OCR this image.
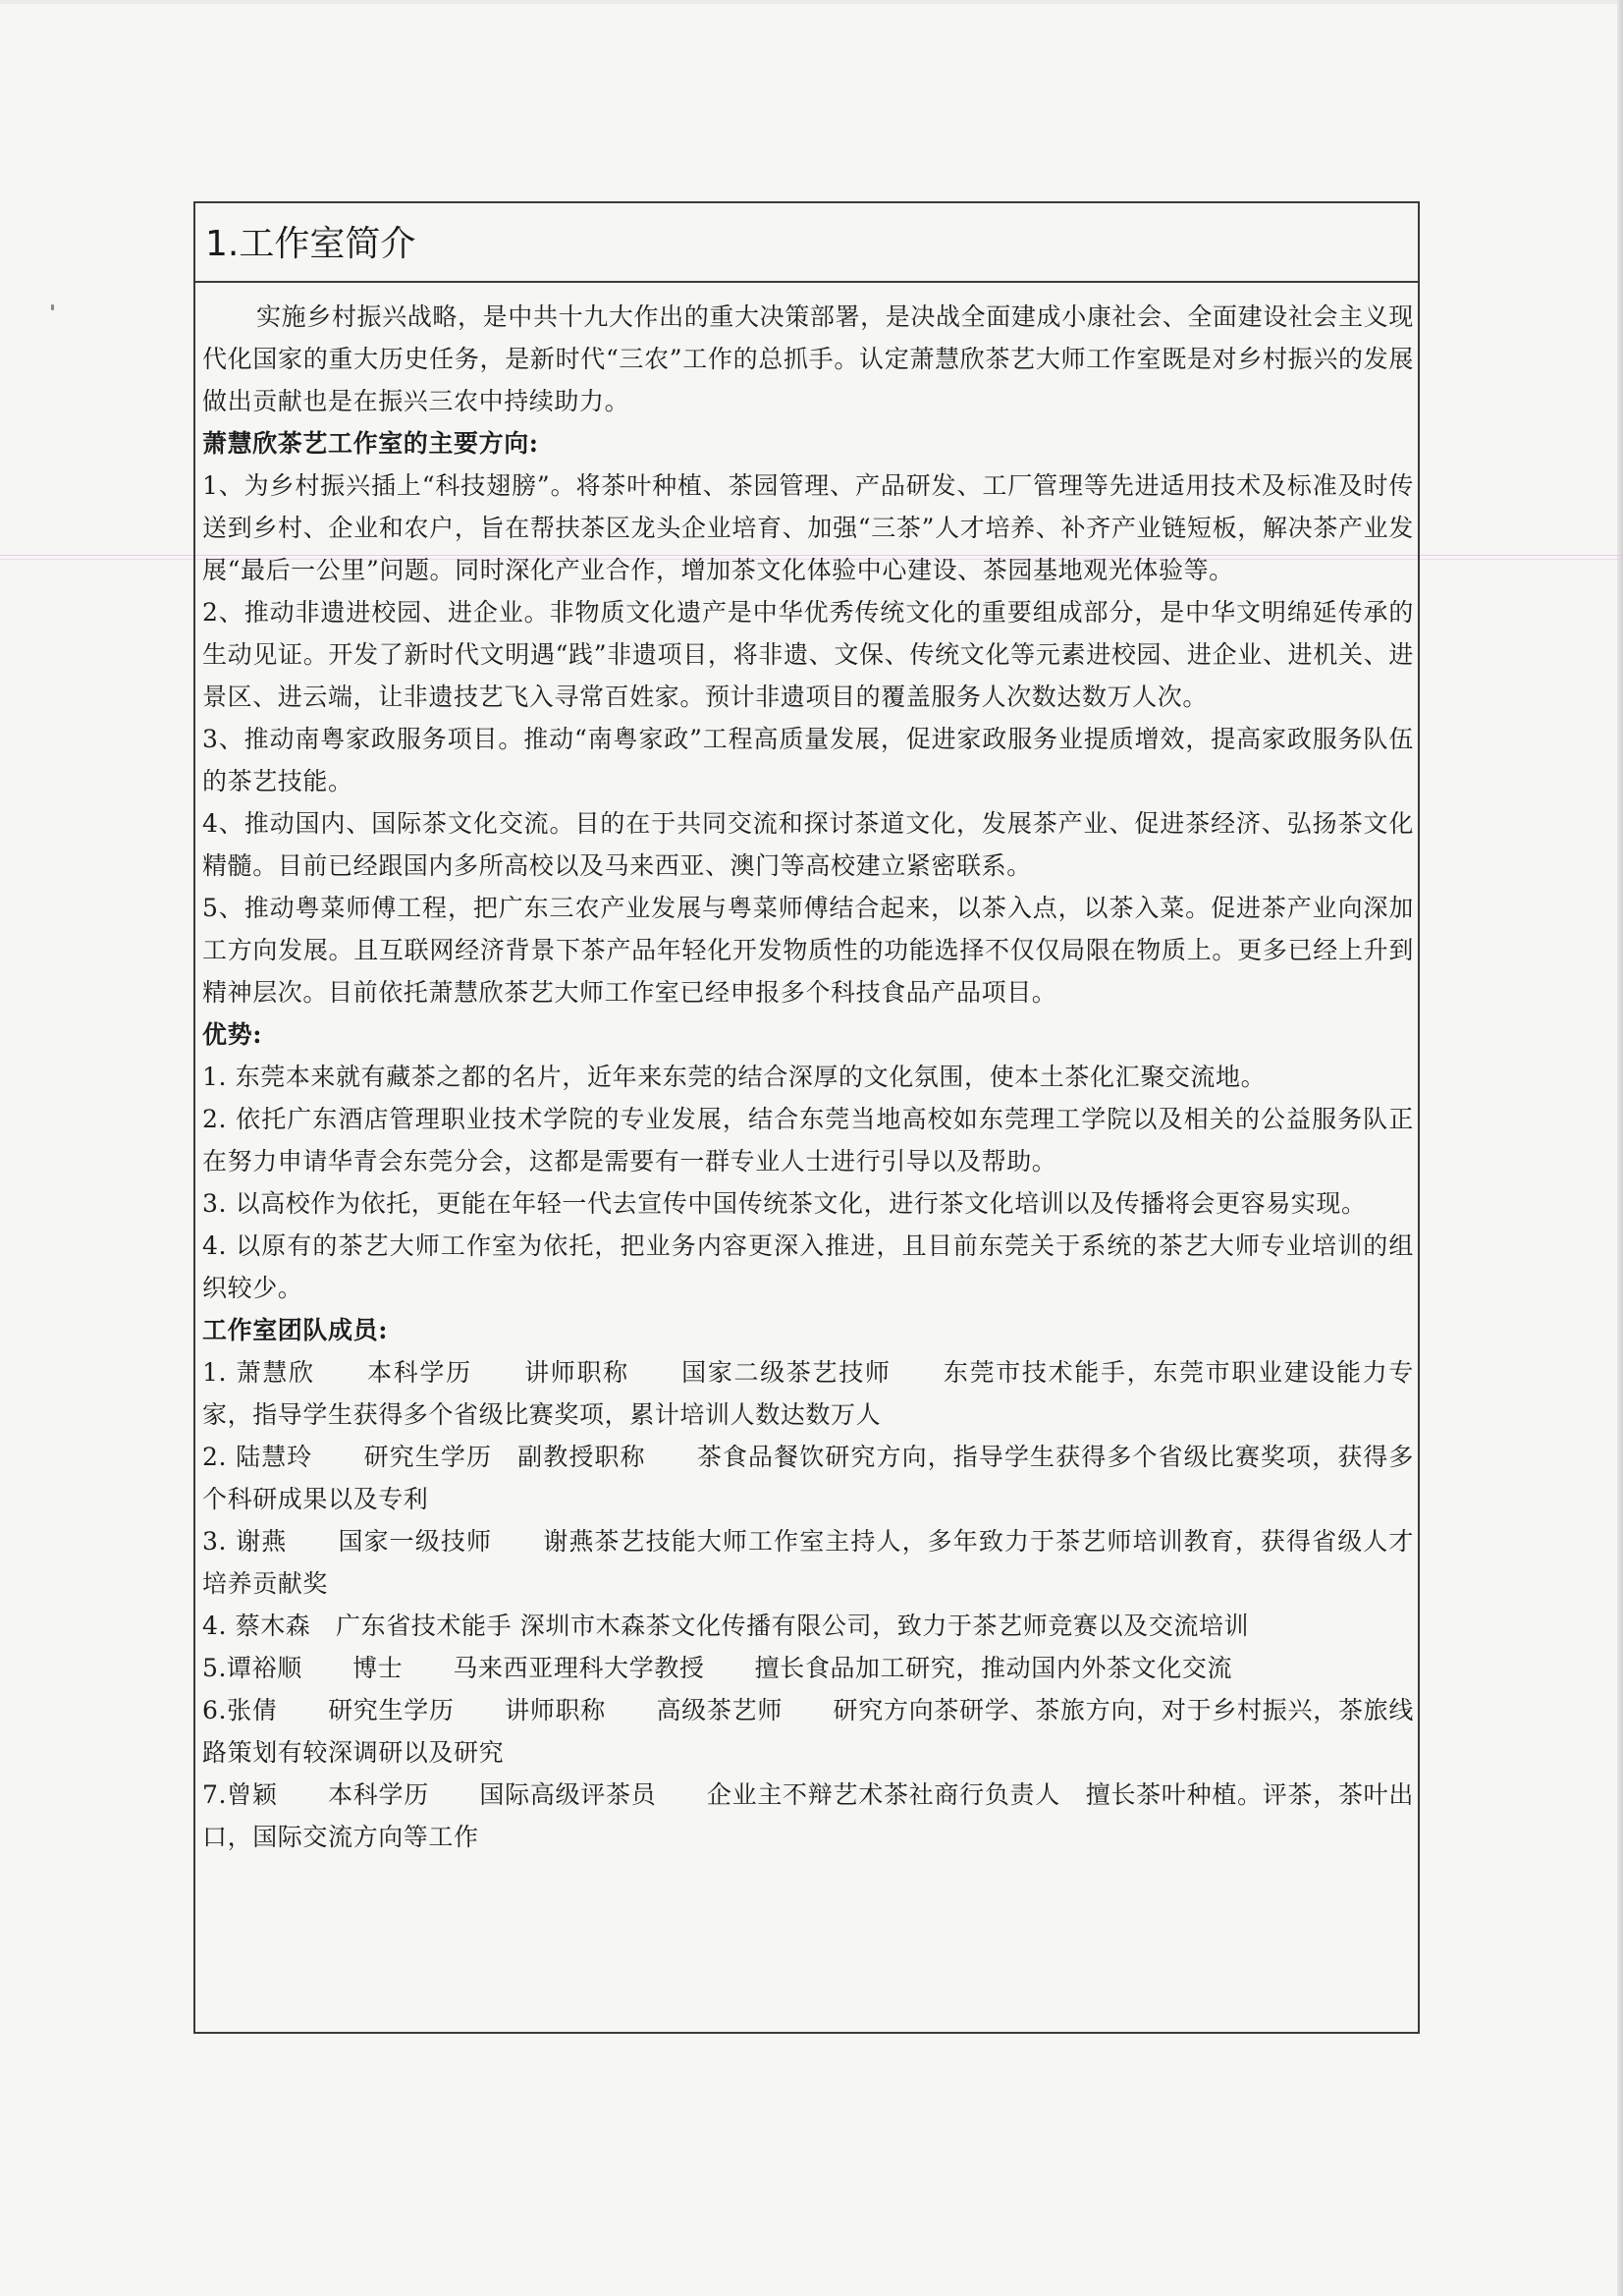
1.工作室简介

实施乡村振兴战略，是中共十九大作出的重大决策部署，是决战全面建成小康社会、全面建设社会主义现代化国家的重大历史任务，是新时代“三农”工作的总抓手。认定萧慧欣茶艺大师工作室既是对乡村振兴的发展做出贡献也是在振兴三农中持续助力。

萧慧欣茶艺工作室的主要方向:

1、为乡村振兴插上“科技翅膀”。将茶叶种植、茶园管理、产品研发、工厂管理等先进适用技术及标准及时传送到乡村、企业和农户，旨在帮扶茶区龙头企业培育、加强“三茶”人才培养、补齐产业链短板，解决茶产业发展“最后一公里”问题。同时深化产业合作，增加茶文化体验中心建设、茶园基地观光体验等。

2、推动非遗进校园、进企业。非物质文化遗产是中华优秀传统文化的重要组成部分，是中华文明绵延传承的生动见证。开发了新时代文明遇“践”非遗项目，将非遗、文保、传统文化等元素进校园、进企业、进机关、进景区、进云端，让非遗技艺飞入寻常百姓家。预计非遗项目的覆盖服务人次数达数万人次。

3、推动南粤家政服务项目。推动“南粤家政”工程高质量发展，促进家政服务业提质增效，提高家政服务队伍的茶艺技能。

4、推动国内、国际茶文化交流。目的在于共同交流和探讨茶道文化，发展茶产业、促进茶经济、弘扬茶文化精髓。目前已经跟国内多所高校以及马来西亚、澳门等高校建立紧密联系。

5、推动粤菜师傅工程，把广东三农产业发展与粤菜师傅结合起来，以茶入点，以茶入菜。促进茶产业向深加工方向发展。且互联网经济背景下茶产品年轻化开发物质性的功能选择不仅仅局限在物质上。更多已经上升到精神层次。目前依托萧慧欣茶艺大师工作室已经申报多个科技食品产品项目。

优势:

1. 东莞本来就有藏茶之都的名片，近年来东莞的结合深厚的文化氛围，使本土茶化汇聚交流地。

2. 依托广东酒店管理职业技术学院的专业发展，结合东莞当地高校如东莞理工学院以及相关的公益服务队正在努力申请华青会东莞分会，这都是需要有一群专业人士进行引导以及帮助。

3. 以高校作为依托，更能在年轻一代去宣传中国传统茶文化，进行茶文化培训以及传播将会更容易实现。

4. 以原有的茶艺大师工作室为依托，把业务内容更深入推进，且目前东莞关于系统的茶艺大师专业培训的组织较少。

工作室团队成员:

1. 萧慧欣　　本科学历　　讲师职称　　国家二级茶艺技师　　东莞市技术能手，东莞市职业建设能力专家，指导学生获得多个省级比赛奖项，累计培训人数达数万人

2. 陆慧玲　　研究生学历　副教授职称　　茶食品餐饮研究方向，指导学生获得多个省级比赛奖项，获得多个科研成果以及专利

3. 谢燕　　国家一级技师　　谢燕茶艺技能大师工作室主持人，多年致力于茶艺师培训教育，获得省级人才培养贡献奖

4. 蔡木森　广东省技术能手 深圳市木森茶文化传播有限公司，致力于茶艺师竞赛以及交流培训

5.谭裕顺　　博士　　马来西亚理科大学教授　　擅长食品加工研究，推动国内外茶文化交流

6.张倩　　研究生学历　　讲师职称　　高级茶艺师　　研究方向茶研学、茶旅方向，对于乡村振兴，茶旅线路策划有较深调研以及研究

7.曾颖　　本科学历　　国际高级评茶员　　企业主不辩艺术茶社商行负责人　擅长茶叶种植。评茶，茶叶出口，国际交流方向等工作
